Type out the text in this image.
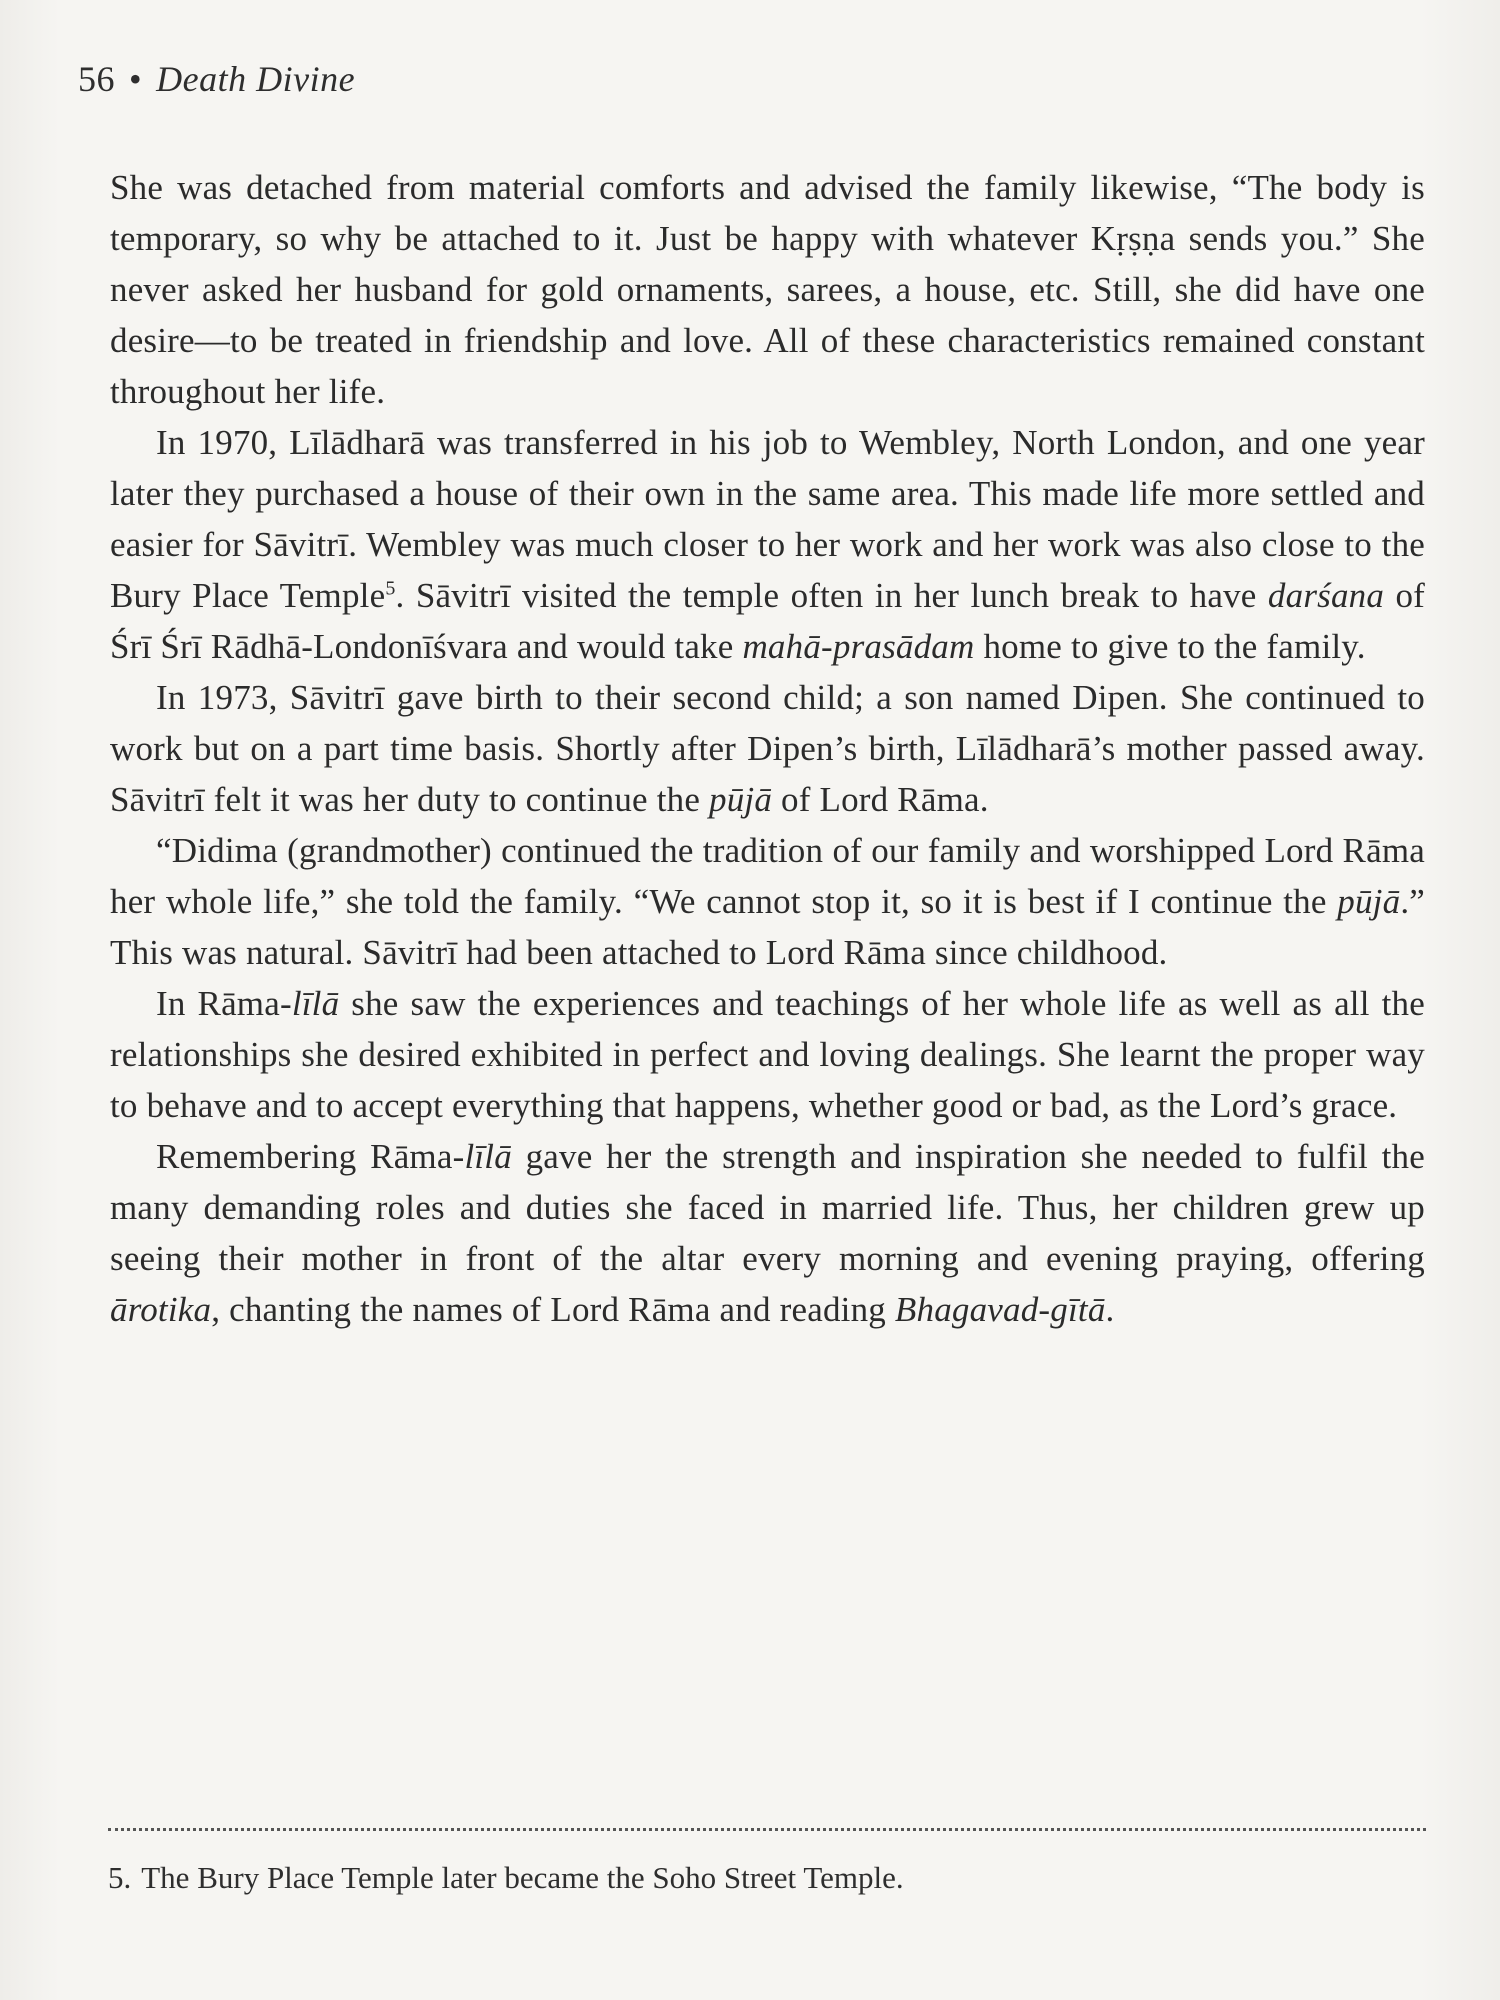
56 • Death Divine

She was detached from material comforts and advised the family likewise, “The body is temporary, so why be attached to it. Just be happy with whatever Kṛṣṇa sends you.” She never asked her husband for gold ornaments, sarees, a house, etc. Still, she did have one desire—to be treated in friendship and love. All of these characteristics remained constant throughout her life.

In 1970, Līlādharā was transferred in his job to Wembley, North London, and one year later they purchased a house of their own in the same area. This made life more settled and easier for Sāvitrī. Wembley was much closer to her work and her work was also close to the Bury Place Temple$^5$. Sāvitrī visited the temple often in her lunch break to have darśana of Śrī Śrī Rādhā-Londonīśvara and would take mahā-prasādam home to give to the family.

In 1973, Sāvitrī gave birth to their second child; a son named Dipen. She continued to work but on a part time basis. Shortly after Dipen’s birth, Līlādharā’s mother passed away. Sāvitrī felt it was her duty to continue the pūjā of Lord Rāma.

“Didima (grandmother) continued the tradition of our family and worshipped Lord Rāma her whole life,” she told the family. “We cannot stop it, so it is best if I continue the pūjā.” This was natural. Sāvitrī had been attached to Lord Rāma since childhood.

In Rāma-līlā she saw the experiences and teachings of her whole life as well as all the relationships she desired exhibited in perfect and loving dealings. She learnt the proper way to behave and to accept everything that happens, whether good or bad, as the Lord’s grace.

Remembering Rāma-līlā gave her the strength and inspiration she needed to fulfil the many demanding roles and duties she faced in married life. Thus, her children grew up seeing their mother in front of the altar every morning and evening praying, offering ārotika, chanting the names of Lord Rāma and reading Bhagavad-gītā.

5. The Bury Place Temple later became the Soho Street Temple.
